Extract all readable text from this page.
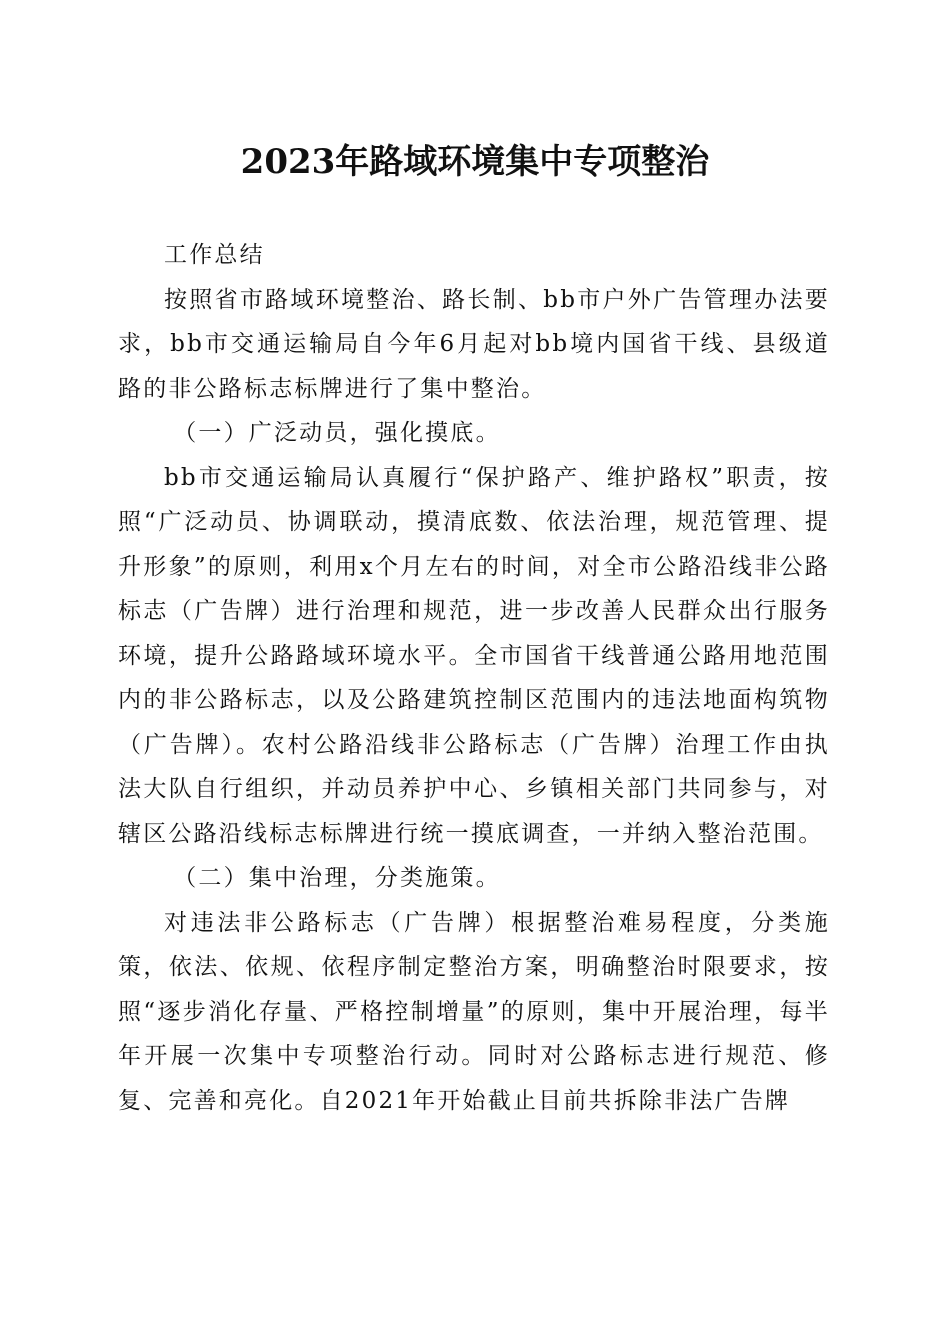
2023年路域环境集中专项整治

工作总结

按照省市路域环境整治、路长制、bb市户外广告管理办法要求，bb市交通运输局自今年6月起对bb境内国省干线、县级道路的非公路标志标牌进行了集中整治。

（一）广泛动员，强化摸底。

bb市交通运输局认真履行“保护路产、维护路权”职责，按照“广泛动员、协调联动，摸清底数、依法治理，规范管理、提升形象”的原则，利用x个月左右的时间，对全市公路沿线非公路标志（广告牌）进行治理和规范，进一步改善人民群众出行服务环境，提升公路路域环境水平。全市国省干线普通公路用地范围内的非公路标志，以及公路建筑控制区范围内的违法地面构筑物（广告牌）。农村公路沿线非公路标志（广告牌）治理工作由执法大队自行组织，并动员养护中心、乡镇相关部门共同参与，对辖区公路沿线标志标牌进行统一摸底调查，一并纳入整治范围。

（二）集中治理，分类施策。

对违法非公路标志（广告牌）根据整治难易程度，分类施策，依法、依规、依程序制定整治方案，明确整治时限要求，按照“逐步消化存量、严格控制增量”的原则，集中开展治理，每半年开展一次集中专项整治行动。同时对公路标志进行规范、修复、完善和亮化。自2021年开始截止目前共拆除非法广告牌
